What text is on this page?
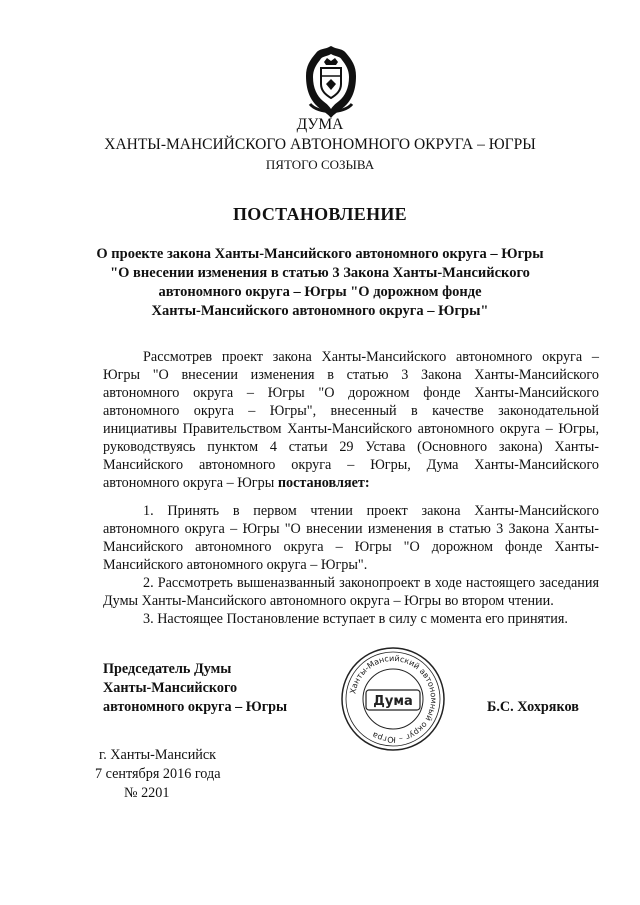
ДУМА
ХАНТЫ-МАНСИЙСКОГО АВТОНОМНОГО ОКРУГА – ЮГРЫ
ПЯТОГО СОЗЫВА
ПОСТАНОВЛЕНИЕ
О проекте закона Ханты-Мансийского автономного округа – Югры
"О внесении изменения в статью 3 Закона Ханты-Мансийского
автономного округа – Югры "О дорожном фонде
Ханты-Мансийского автономного округа – Югры"

Рассмотрев проект закона Ханты-Мансийского автономного округа – Югры "О внесении изменения в статью 3 Закона Ханты-Мансийского автономного округа – Югры "О дорожном фонде Ханты-Мансийского автономного округа – Югры", внесенный в качестве законодательной инициативы Правительством Ханты-Мансийского автономного округа – Югры, руководствуясь пунктом 4 статьи 29 Устава (Основного закона) Ханты-Мансийского автономного округа – Югры, Дума Ханты-Мансийского автономного округа – Югры постановляет:

1. Принять в первом чтении проект закона Ханты-Мансийского автономного округа – Югры "О внесении изменения в статью 3 Закона Ханты-Мансийского автономного округа – Югры "О дорожном фонде Ханты-Мансийского автономного округа – Югры".

2. Рассмотреть вышеназванный законопроект в ходе настоящего заседания Думы Ханты-Мансийского автономного округа – Югры во втором чтении.

3. Настоящее Постановление вступает в силу с момента его принятия.

Председатель Думы
Ханты-Мансийского
автономного округа – Югры	Б.С. Хохряков
Ханты-Мансийский автономный округ – Югра
Дума
г. Ханты-Мансийск
7 сентября 2016 года
№ 2201
